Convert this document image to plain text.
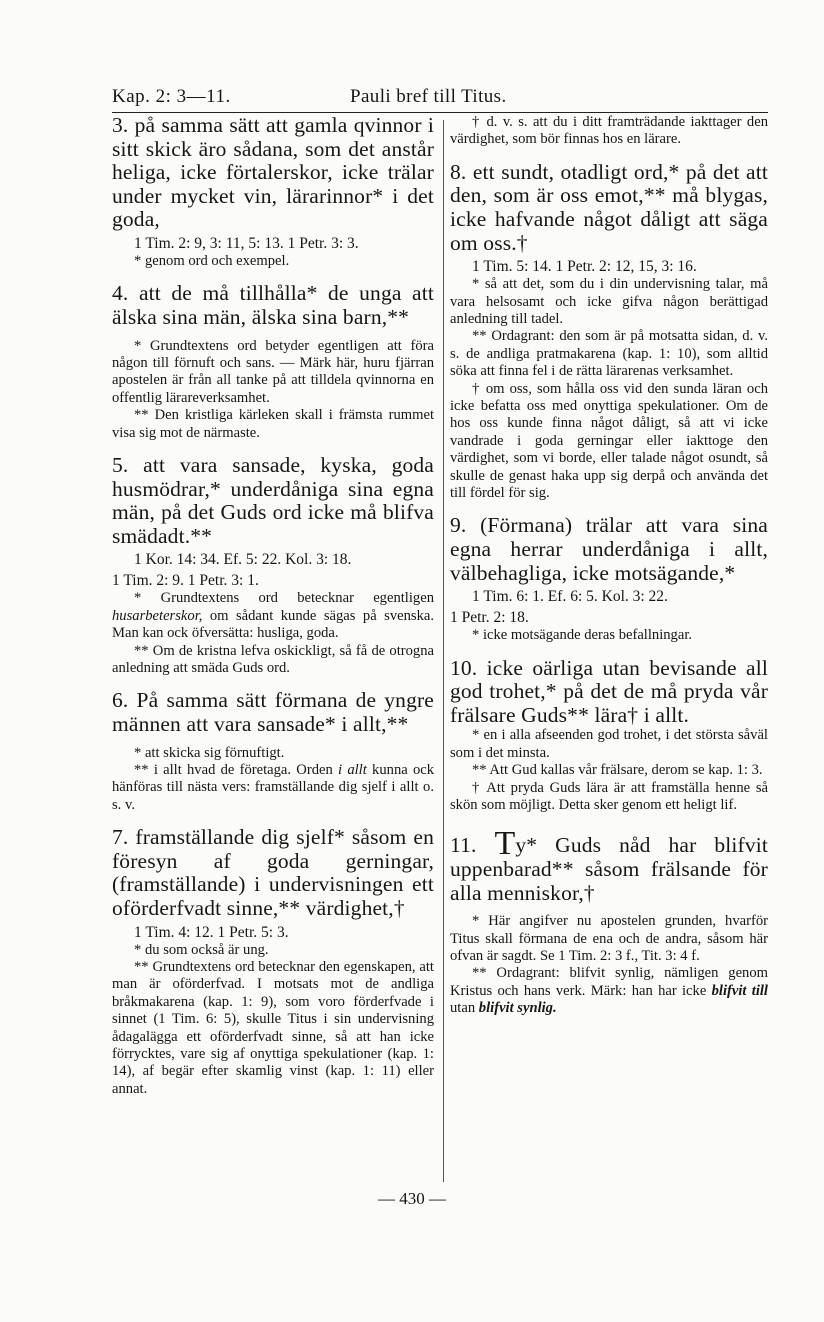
Kap. 2: 3—11.	Pauli bref till Titus.

3. på samma sätt att gamla qvinnor i sitt skick äro sådana, som det anstår heliga, icke förtalerskor, icke trälar under mycket vin, lärarinnor* i det goda,

1 Tim. 2: 9, 3: 11, 5: 13. 1 Petr. 3: 3.

* genom ord och exempel.

4. att de må tillhålla* de unga att älska sina män, älska sina barn,**

* Grundtextens ord betyder egentligen att föra någon till förnuft och sans. — Märk här, huru fjärran apostelen är från all tanke på att tilldela qvinnorna en offentlig lärareverksamhet.

** Den kristliga kärleken skall i främsta rummet visa sig mot de närmaste.

5. att vara sansade, kyska, goda husmödrar,* underdåniga sina egna män, på det Guds ord icke må blifva smädadt.**

1 Kor. 14: 34. Ef. 5: 22. Kol. 3: 18.

1 Tim. 2: 9. 1 Petr. 3: 1.

* Grundtextens ord betecknar egentligen husarbeterskor, om sådant kunde sägas på svenska. Man kan ock öfversätta: husliga, goda.

** Om de kristna lefva oskickligt, så få de otrogna anledning att smäda Guds ord.

6. På samma sätt förmana de yngre männen att vara sansade* i allt,**

* att skicka sig förnuftigt.

** i allt hvad de företaga. Orden i allt kunna ock hänföras till nästa vers: framställande dig sjelf i allt o. s. v.

7. framställande dig sjelf* såsom en föresyn af goda gerningar, (framställande) i undervisningen ett oförderfvadt sinne,** värdighet,†

1 Tim. 4: 12. 1 Petr. 5: 3.

* du som också är ung.

** Grundtextens ord betecknar den egenskapen, att man är oförderfvad. I motsats mot de andliga bråkmakarena (kap. 1: 9), som voro förderfvade i sinnet (1 Tim. 6: 5), skulle Titus i sin undervisning ådagalägga ett oförderfvadt sinne, så att han icke förrycktes, vare sig af onyttiga spekulationer (kap. 1: 14), af begär efter skamlig vinst (kap. 1: 11) eller annat.

† d. v. s. att du i ditt framträdande iakttager den värdighet, som bör finnas hos en lärare.

8. ett sundt, otadligt ord,* på det att den, som är oss emot,** må blygas, icke hafvande något dåligt att säga om oss.†

1 Tim. 5: 14. 1 Petr. 2: 12, 15, 3: 16.

* så att det, som du i din undervisning talar, må vara helsosamt och icke gifva någon berättigad anledning till tadel.

** Ordagrant: den som är på motsatta sidan, d. v. s. de andliga pratmakarena (kap. 1: 10), som alltid söka att finna fel i de rätta lärarenas verksamhet.

† om oss, som hålla oss vid den sunda läran och icke befatta oss med onyttiga spekulationer. Om de hos oss kunde finna något dåligt, så att vi icke vandrade i goda gerningar eller iakttoge den värdighet, som vi borde, eller talade något osundt, så skulle de genast haka upp sig derpå och använda det till fördel för sig.

9. (Förmana) trälar att vara sina egna herrar underdåniga i allt, välbehagliga, icke motsägande,*

1 Tim. 6: 1. Ef. 6: 5. Kol. 3: 22.

1 Petr. 2: 18.

* icke motsägande deras befallningar.

10. icke oärliga utan bevisande all god trohet,* på det de må pryda vår frälsare Guds** lära† i allt.

* en i alla afseenden god trohet, i det största såväl som i det minsta.

** Att Gud kallas vår frälsare, derom se kap. 1: 3.

† Att pryda Guds lära är att framställa henne så skön som möjligt. Detta sker genom ett heligt lif.

11. Ty* Guds nåd har blifvit uppenbarad** såsom frälsande för alla menniskor,†

* Här angifver nu apostelen grunden, hvarför Titus skall förmana de ena och de andra, såsom här ofvan är sagdt. Se 1 Tim. 2: 3 f., Tit. 3: 4 f.

** Ordagrant: blifvit synlig, nämligen genom Kristus och hans verk. Märk: han har icke blifvit till utan blifvit synlig.

— 430 —
